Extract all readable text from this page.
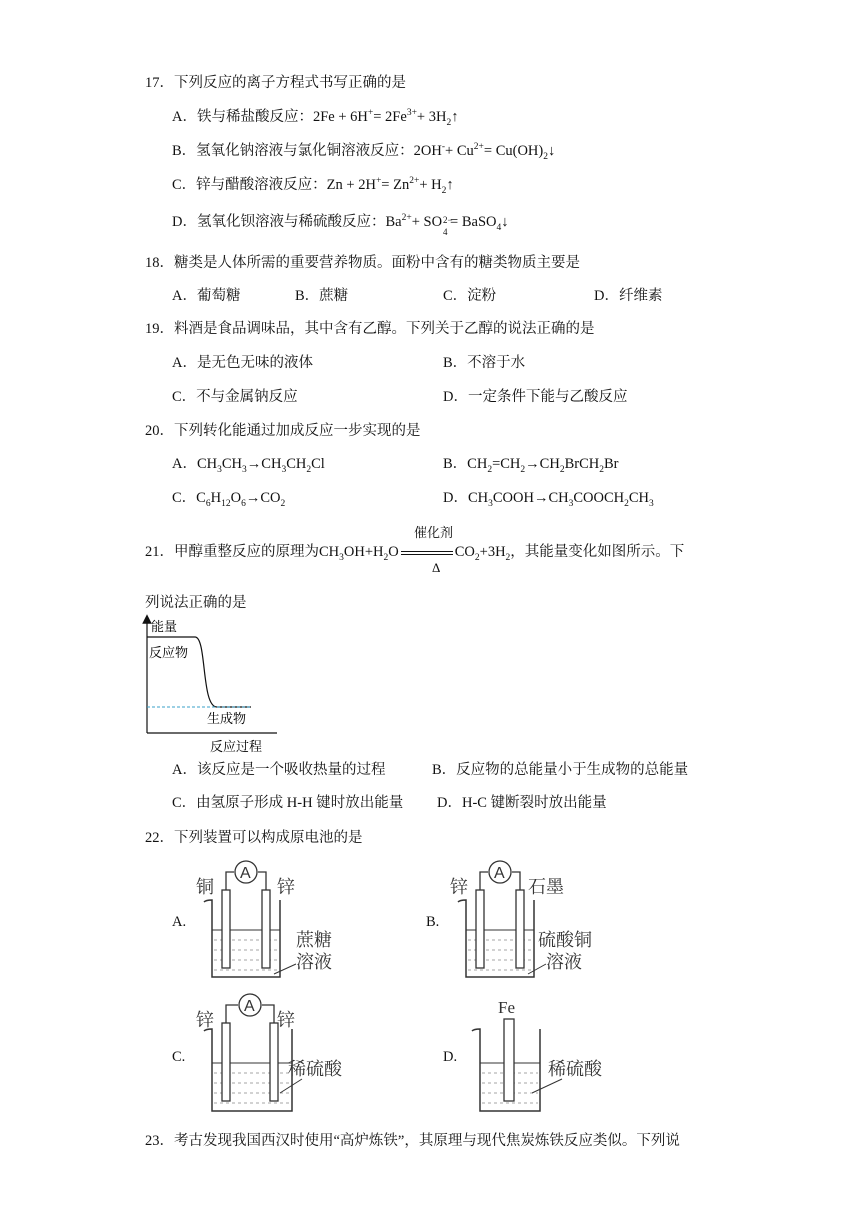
17．下列反应的离子方程式书写正确的是
A．铁与稀盐酸反应：$2Fe + 6H^+= 2Fe^{3+}+$ $3H_2↑$
B．氢氧化钠溶液与氯化铜溶液反应：$2OH^-+ Cu^{2+}=$ $Cu(OH)_2↓$
C．锌与醋酸溶液反应：$Zn + 2H^+= Zn^{2+}+$ $H_2↑$
D．氢氧化钡溶液与稀硫酸反应：$Ba^{2+}+$ SO 2−
4
= BaSO$_4$↓
18．糖类是人体所需的重要营养物质。面粉中含有的糖类物质主要是
A．葡萄糖	B．蔗糖	C．淀粉	D．纤维素
19．料酒是食品调味品，其中含有乙醇。下列关于乙醇的说法正确的是
A．是无色无味的液体	B．不溶于水
C．不与金属钠反应	D．一定条件下能与乙酸反应
20．下列转化能通过加成反应一步实现的是
A．$CH_3CH_3\to CH_3CH_2Cl$	B．$CH_2=CH_2\to CH_2BrCH_2Br$
C．$C_6H_{12}O_6\to CO_2$	D．$CH_3COOH\to CH_3COOCH_2CH_3$
21．甲醇重整反应的原理为$CH_3OH+H_2O$	$CO_2+3H_2$，其能量变化如图所示。下
催化剂
Δ
列说法正确的是
能量
反应物
生成物
反应过程
A．该反应是一个吸收热量的过程	B．反应物的总能量小于生成物的总能量
C．由氢原子形成 H-H 键时放出能量 D．H-C 键断裂时放出能量
22．下列装置可以构成原电池的是
A.
A
铜	锌
蔗糖
溶液
B.
A
锌	石墨
硫酸铜
溶液
C.
A
锌	锌
稀硫酸
D.
Fe
稀硫酸
23．考古发现我国西汉时使用“高炉炼铁”，其原理与现代焦炭炼铁反应类似。下列说
